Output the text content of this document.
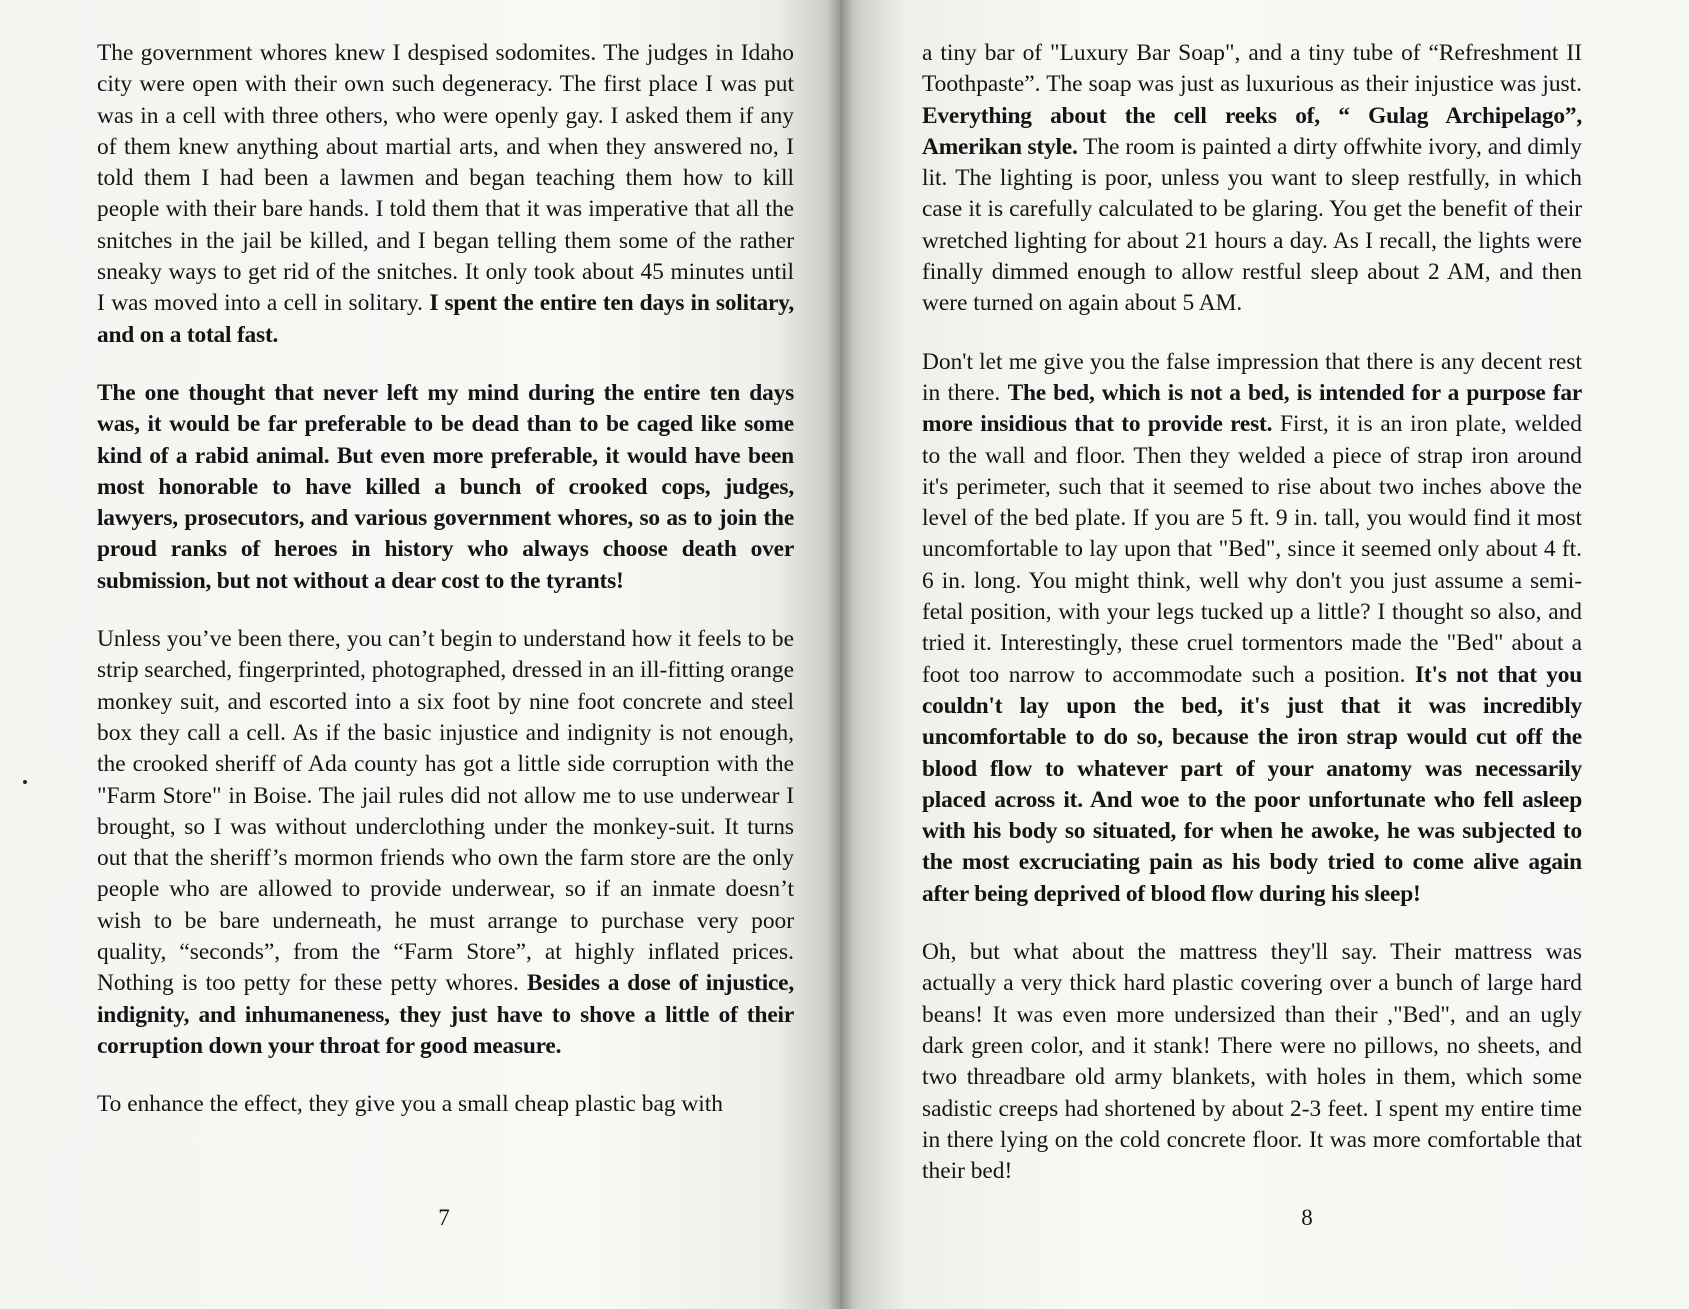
The government whores knew I despised sodomites. The judges in Idaho city were open with their own such degeneracy. The first place I was put was in a cell with three others, who were openly gay. I asked them if any of them knew anything about martial arts, and when they answered no, I told them I had been a lawmen and began teaching them how to kill people with their bare hands. I told them that it was imperative that all the snitches in the jail be killed, and I began telling them some of the rather sneaky ways to get rid of the snitches. It only took about 45 minutes until I was moved into a cell in solitary. I spent the entire ten days in solitary, and on a total fast.

The one thought that never left my mind during the entire ten days was, it would be far preferable to be dead than to be caged like some kind of a rabid animal. But even more preferable, it would have been most honorable to have killed a bunch of crooked cops, judges, lawyers, prosecutors, and various government whores, so as to join the proud ranks of heroes in history who always choose death over submission, but not without a dear cost to the tyrants!

Unless you’ve been there, you can’t begin to understand how it feels to be strip searched, fingerprinted, photographed, dressed in an ill-fitting orange monkey suit, and escorted into a six foot by nine foot concrete and steel box they call a cell. As if the basic injustice and indignity is not enough, the crooked sheriff of Ada county has got a little side corruption with the "Farm Store" in Boise. The jail rules did not allow me to use underwear I brought, so I was without underclothing under the monkey-suit. It turns out that the sheriff’s mormon friends who own the farm store are the only people who are allowed to provide underwear, so if an inmate doesn’t wish to be bare underneath, he must arrange to purchase very poor quality, “seconds”, from the “Farm Store”, at highly inflated prices. Nothing is too petty for these petty whores. Besides a dose of injustice, indignity, and inhumaneness, they just have to shove a little of their corruption down your throat for good measure.

To enhance the effect, they give you a small cheap plastic bag with

7

a tiny bar of "Luxury Bar Soap", and a tiny tube of “Refreshment II Toothpaste”. The soap was just as luxurious as their injustice was just. Everything about the cell reeks of, “ Gulag Archipelago”, Amerikan style. The room is painted a dirty offwhite ivory, and dimly lit. The lighting is poor, unless you want to sleep restfully, in which case it is carefully calculated to be glaring. You get the benefit of their wretched lighting for about 21 hours a day. As I recall, the lights were finally dimmed enough to allow restful sleep about 2 AM, and then were turned on again about 5 AM.

Don't let me give you the false impression that there is any decent rest in there. The bed, which is not a bed, is intended for a purpose far more insidious that to provide rest. First, it is an iron plate, welded to the wall and floor. Then they welded a piece of strap iron around it's perimeter, such that it seemed to rise about two inches above the level of the bed plate. If you are 5 ft. 9 in. tall, you would find it most uncomfortable to lay upon that "Bed", since it seemed only about 4 ft. 6 in. long. You might think, well why don't you just assume a semi-fetal position, with your legs tucked up a little? I thought so also, and tried it. Interestingly, these cruel tormentors made the "Bed" about a foot too narrow to accommodate such a position. It's not that you couldn't lay upon the bed, it's just that it was incredibly uncomfortable to do so, because the iron strap would cut off the blood flow to whatever part of your anatomy was necessarily placed across it. And woe to the poor unfortunate who fell asleep with his body so situated, for when he awoke, he was subjected to the most excruciating pain as his body tried to come alive again after being deprived of blood flow during his sleep!

Oh, but what about the mattress they'll say. Their mattress was actually a very thick hard plastic covering over a bunch of large hard beans! It was even more undersized than their ,"Bed", and an ugly dark green color, and it stank! There were no pillows, no sheets, and two threadbare old army blankets, with holes in them, which some sadistic creeps had shortened by about 2-3 feet. I spent my entire time in there lying on the cold concrete floor. It was more comfortable that their bed!

8
